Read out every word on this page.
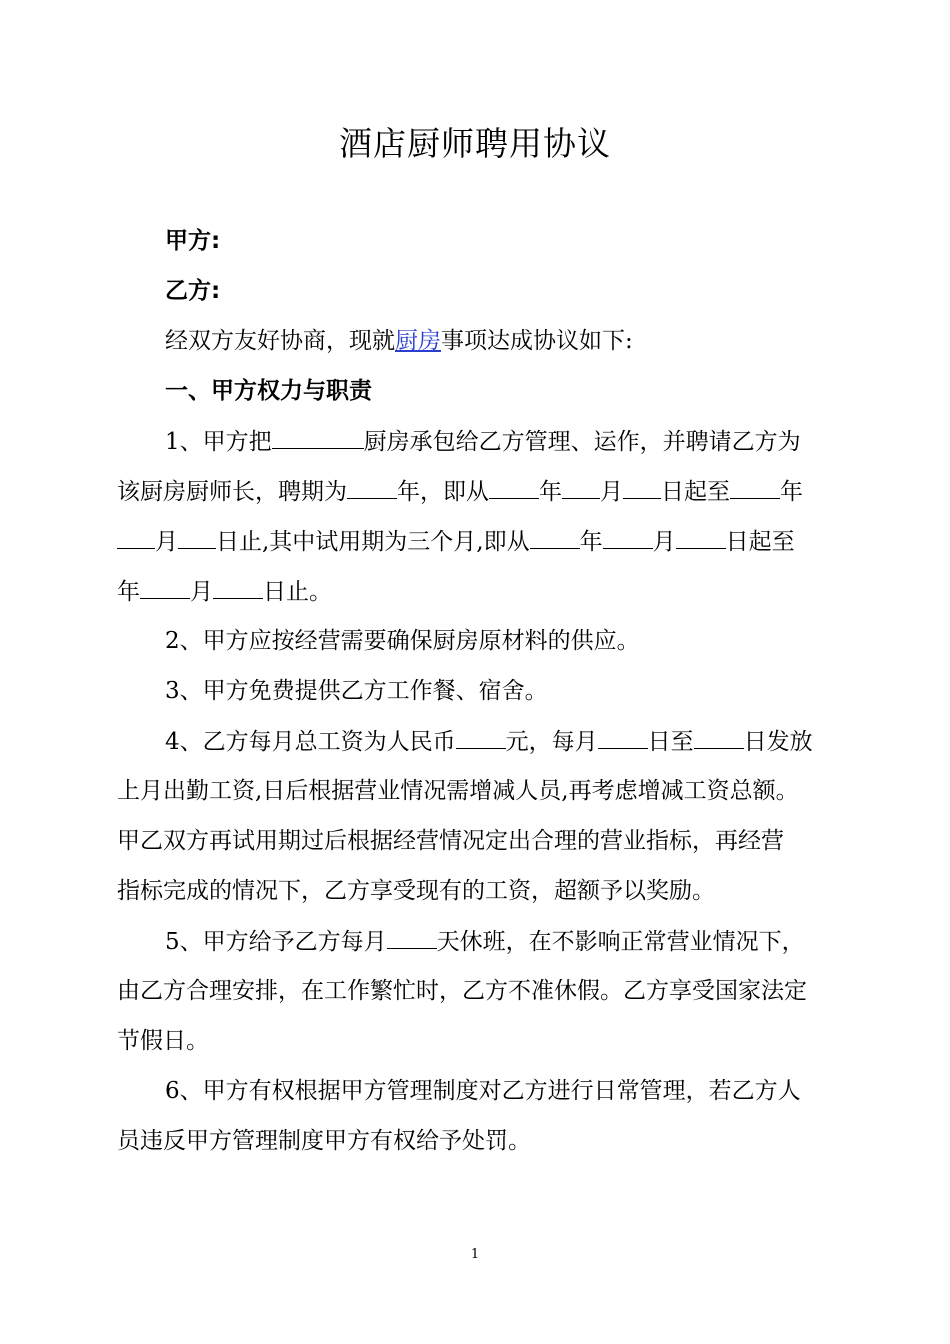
酒店厨师聘用协议
甲方:
乙方:
经双方友好协商，现就厨房事项达成协议如下:
一、甲方权力与职责
1、甲方把	厨房承包给乙方管理、运作，并聘请乙方为
该厨房厨师长，聘期为 年，即从 年 月 日起至 年
月 日止,其中试用期为三个月,即从 年 月 日起至
年 月 日止。
2、甲方应按经营需要确保厨房原材料的供应。
3、甲方免费提供乙方工作餐、宿舍。
4、乙方每月总工资为人民币 元，每月 日至 日发放
上月出勤工资,日后根据营业情况需增减人员,再考虑增减工资总额。
甲乙双方再试用期过后根据经营情况定出合理的营业指标，再经营
指标完成的情况下，乙方享受现有的工资，超额予以奖励。
5、甲方给予乙方每月 天休班，在不影响正常营业情况下，
由乙方合理安排，在工作繁忙时，乙方不准休假。乙方享受国家法定
节假日。
6、甲方有权根据甲方管理制度对乙方进行日常管理，若乙方人
员违反甲方管理制度甲方有权给予处罚。
1
